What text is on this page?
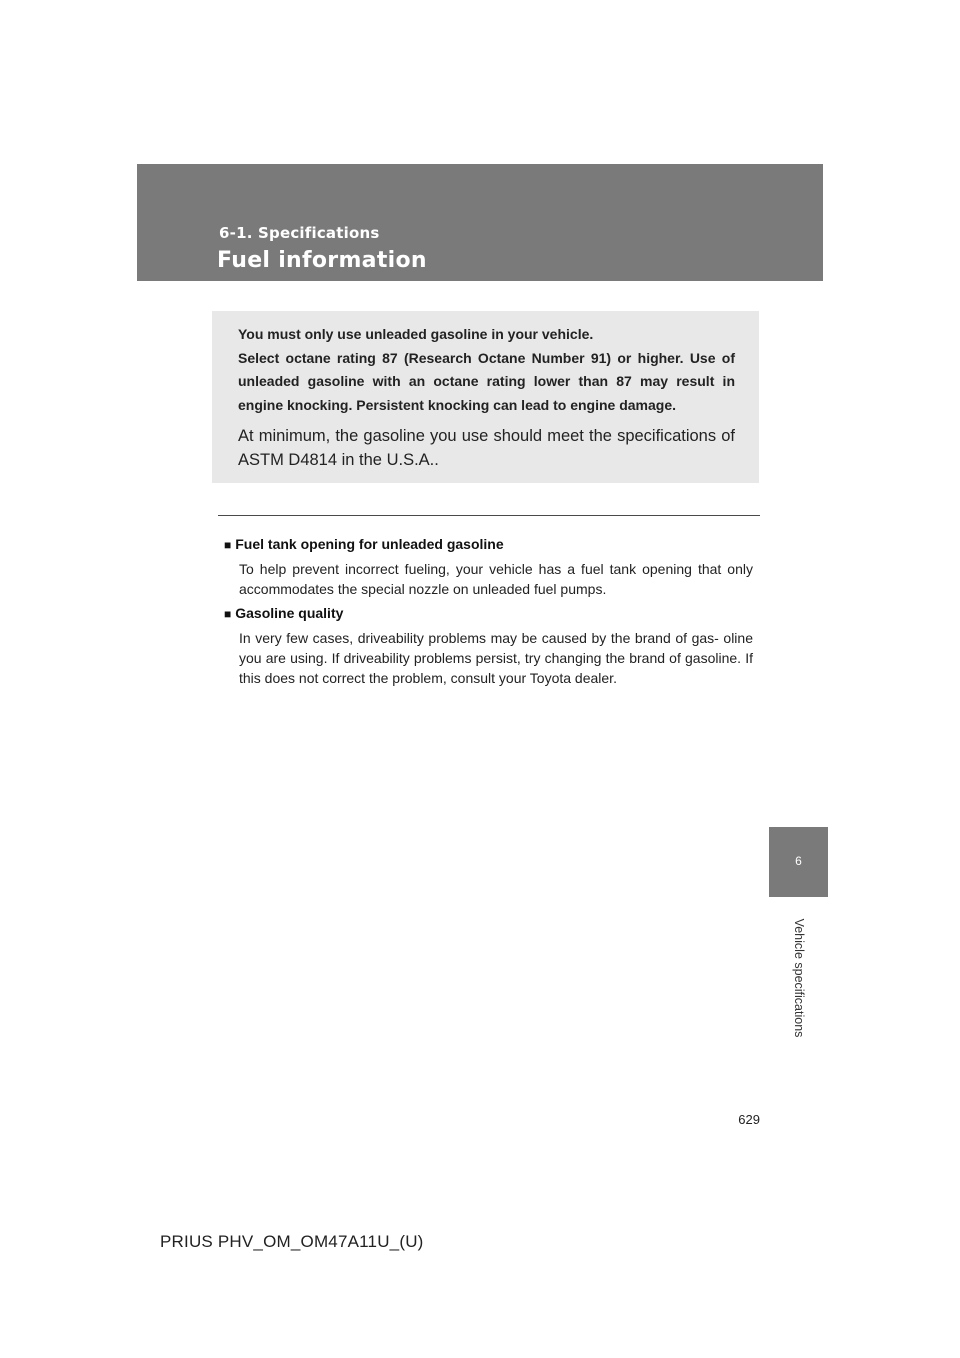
6-1. Specifications

Fuel information

You must only use unleaded gasoline in your vehicle.

Select octane rating 87 (Research Octane Number 91) or higher. Use of unleaded gasoline with an octane rating lower than 87 may result in engine knocking. Persistent knocking can lead to engine damage.

At minimum, the gasoline you use should meet the specifications of ASTM D4814 in the U.S.A..

■ Fuel tank opening for unleaded gasoline

To help prevent incorrect fueling, your vehicle has a fuel tank opening that only accommodates the special nozzle on unleaded fuel pumps.

■ Gasoline quality

In very few cases, driveability problems may be caused by the brand of gas- oline you are using. If driveability problems persist, try changing the brand of gasoline. If this does not correct the problem, consult your Toyota dealer.

6
Vehicle specifications
629
PRIUS PHV_OM_OM47A11U_(U)
